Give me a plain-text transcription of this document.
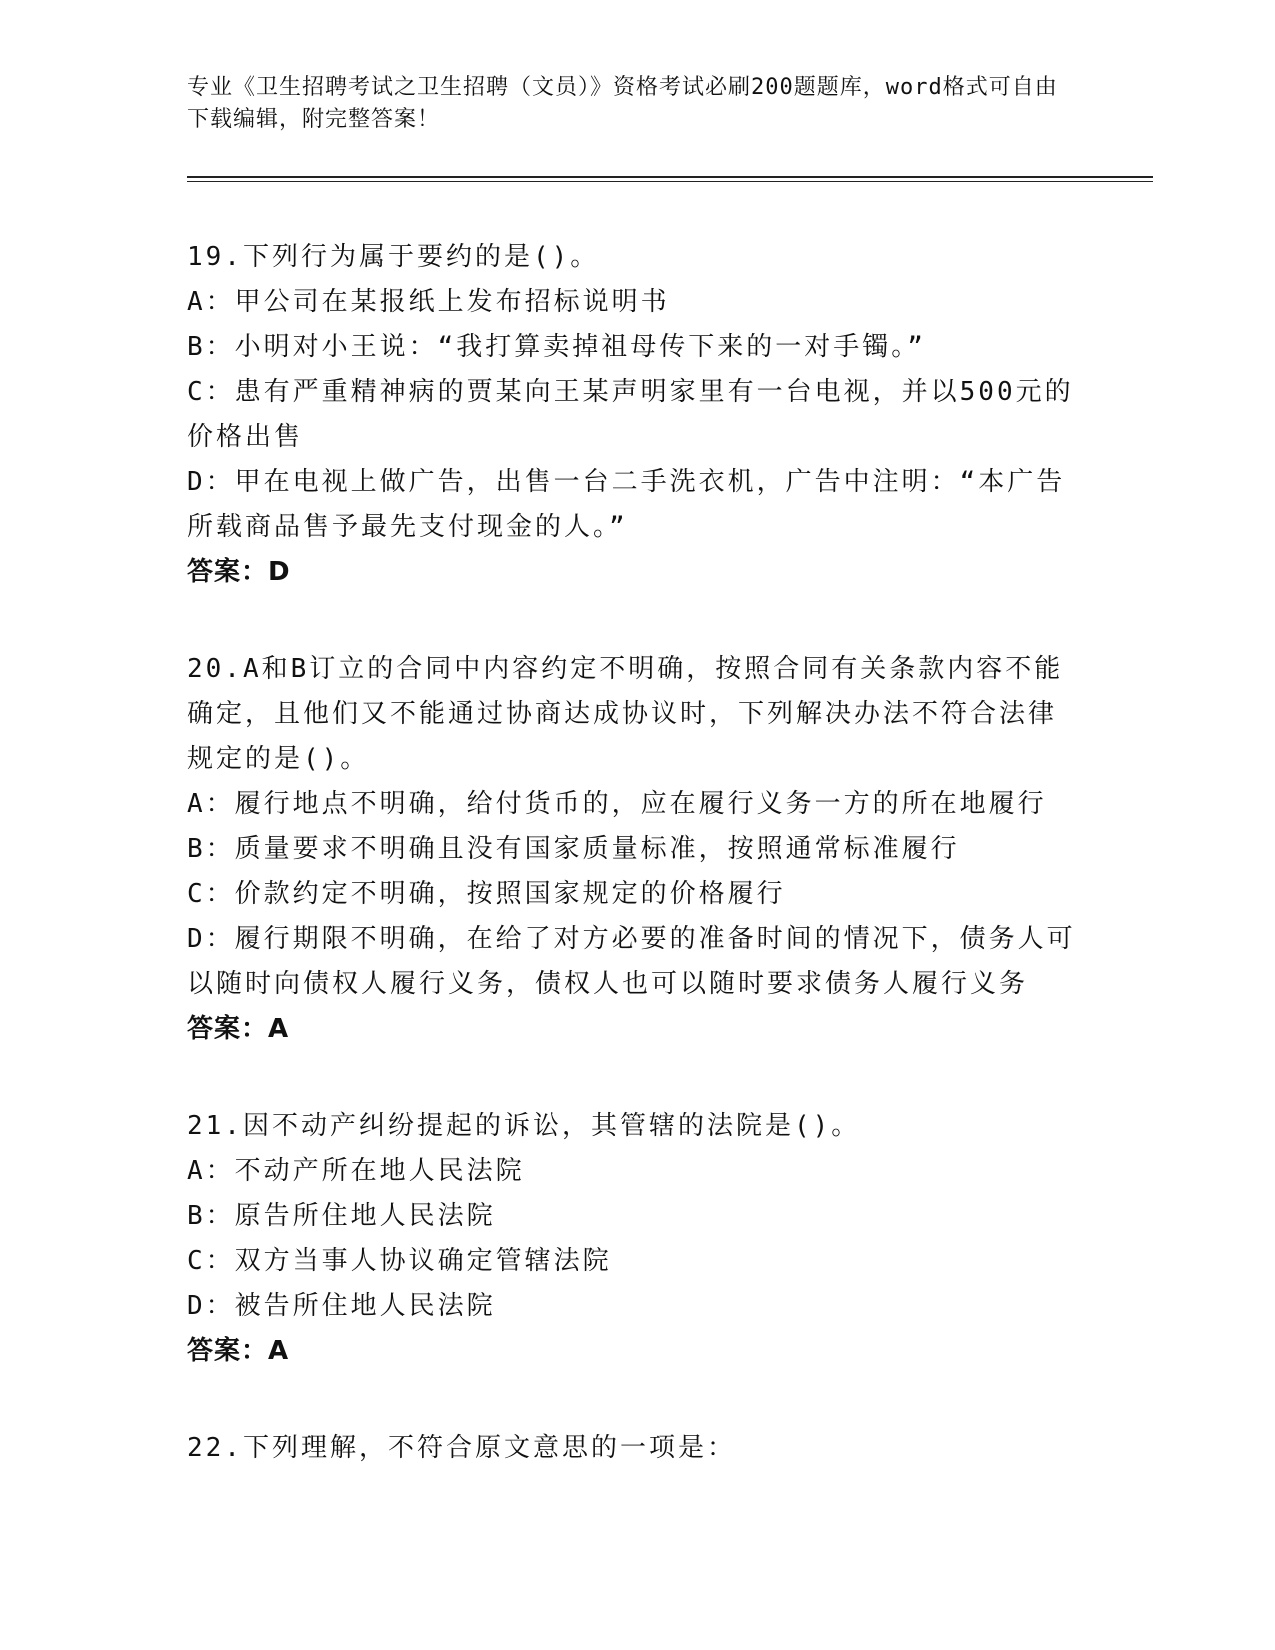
专业《卫生招聘考试之卫生招聘（文员）》资格考试必刷200题题库，word格式可自由下载编辑，附完整答案！
19.下列行为属于要约的是()。
A：甲公司在某报纸上发布招标说明书
B：小明对小王说：“我打算卖掉祖母传下来的一对手镯。”
C：患有严重精神病的贾某向王某声明家里有一台电视，并以500元的价格出售
D：甲在电视上做广告，出售一台二手洗衣机，广告中注明：“本广告所载商品售予最先支付现金的人。”
答案：D
20.A和B订立的合同中内容约定不明确，按照合同有关条款内容不能确定，且他们又不能通过协商达成协议时，下列解决办法不符合法律规定的是()。
A：履行地点不明确，给付货币的，应在履行义务一方的所在地履行
B：质量要求不明确且没有国家质量标准，按照通常标准履行
C：价款约定不明确，按照国家规定的价格履行
D：履行期限不明确，在给了对方必要的准备时间的情况下，债务人可以随时向债权人履行义务，债权人也可以随时要求债务人履行义务
答案：A
21.因不动产纠纷提起的诉讼，其管辖的法院是()。
A：不动产所在地人民法院
B：原告所住地人民法院
C：双方当事人协议确定管辖法院
D：被告所住地人民法院
答案：A
22.下列理解，不符合原文意思的一项是：
